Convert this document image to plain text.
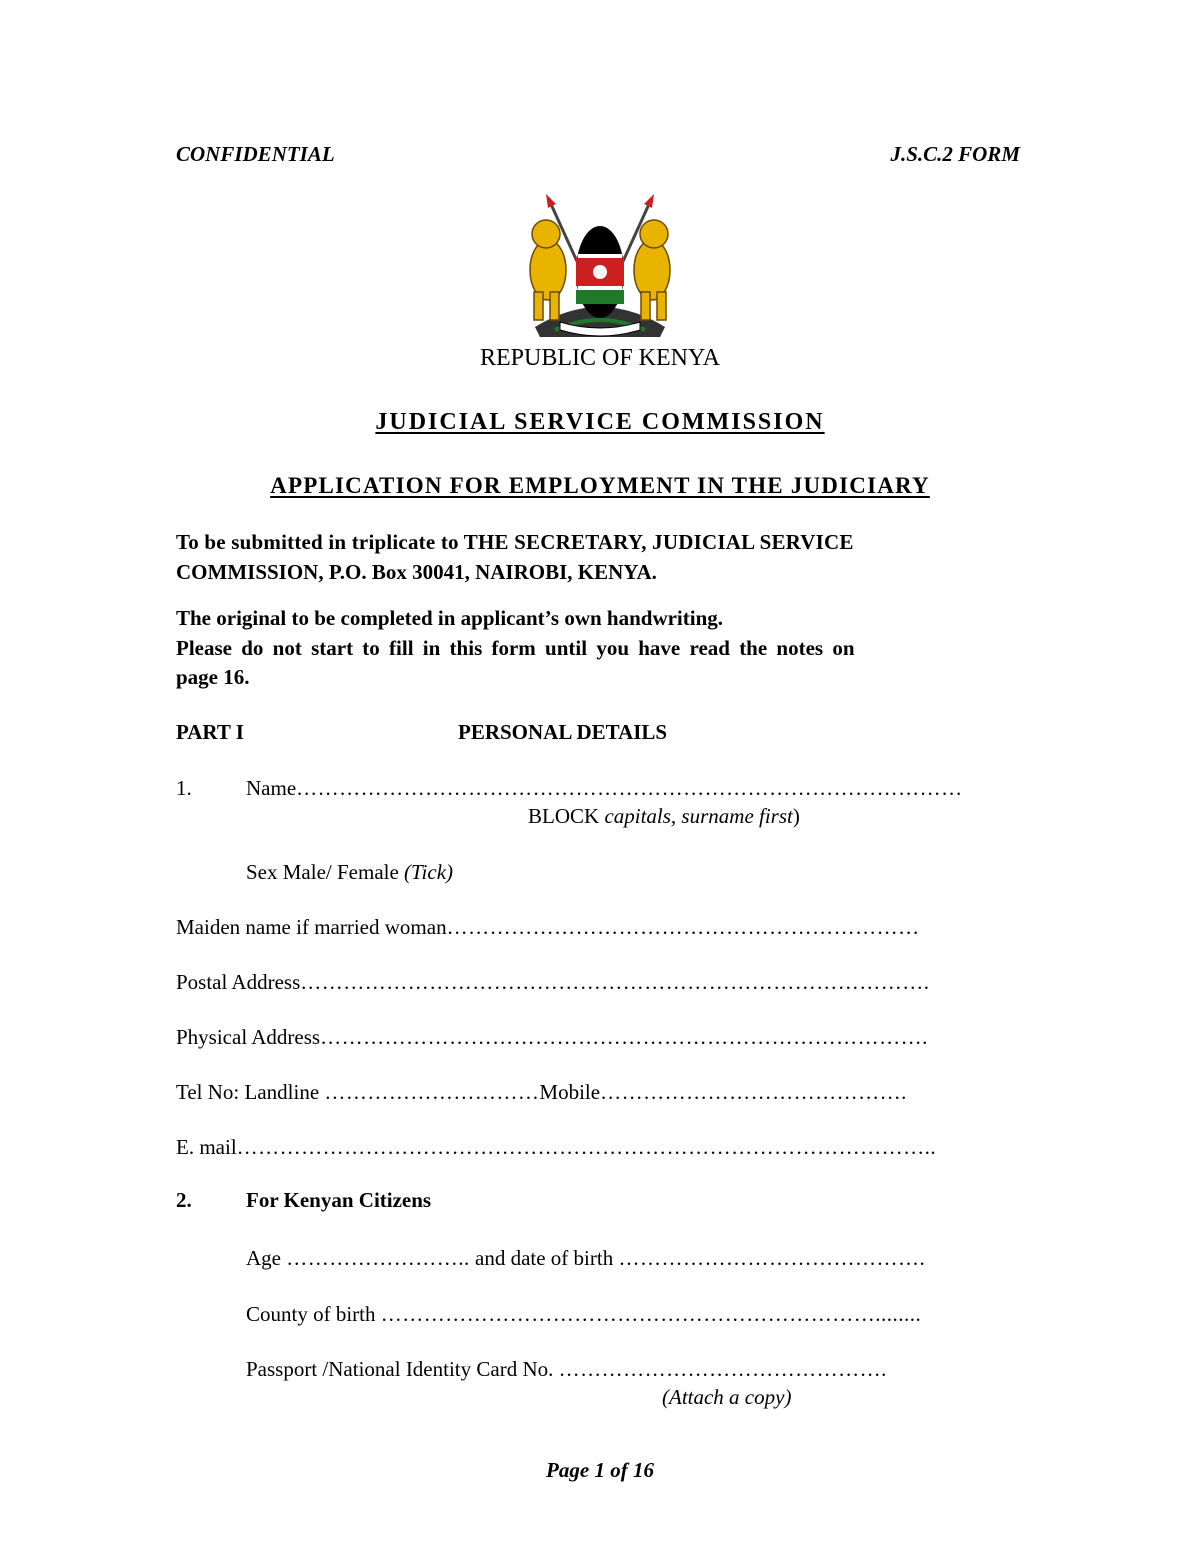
CONFIDENTIAL	J.S.C.2 FORM
REPUBLIC OF KENYA
JUDICIAL SERVICE COMMISSION
APPLICATION FOR EMPLOYMENT IN THE JUDICIARY
To be submitted in triplicate to THE SECRETARY, JUDICIAL SERVICE
COMMISSION, P.O. Box 30041, NAIROBI, KENYA.
The original to be completed in applicant’s own handwriting.
Please do not start to fill in this form until you have read the notes on
page 16.
PART I	PERSONAL DETAILS
1.	Name…………………………………………………………………………………
BLOCK capitals, surname first)
Sex Male/ Female (Tick)
Maiden name if married woman…………………………………………………………
Postal Address…………………………………………………………………………….
Physical Address………………………………………………………………………….
Tel No: Landline …………………………Mobile…………………………………….
E. mail……………………………………………………………………………………..
2.	For Kenyan Citizens
Age …………………….. and date of birth …………………………………….
County of birth ……………………………………………………………........
Passport /National Identity Card No. ……………………………………….
(Attach a copy)
Page 1 of 16
